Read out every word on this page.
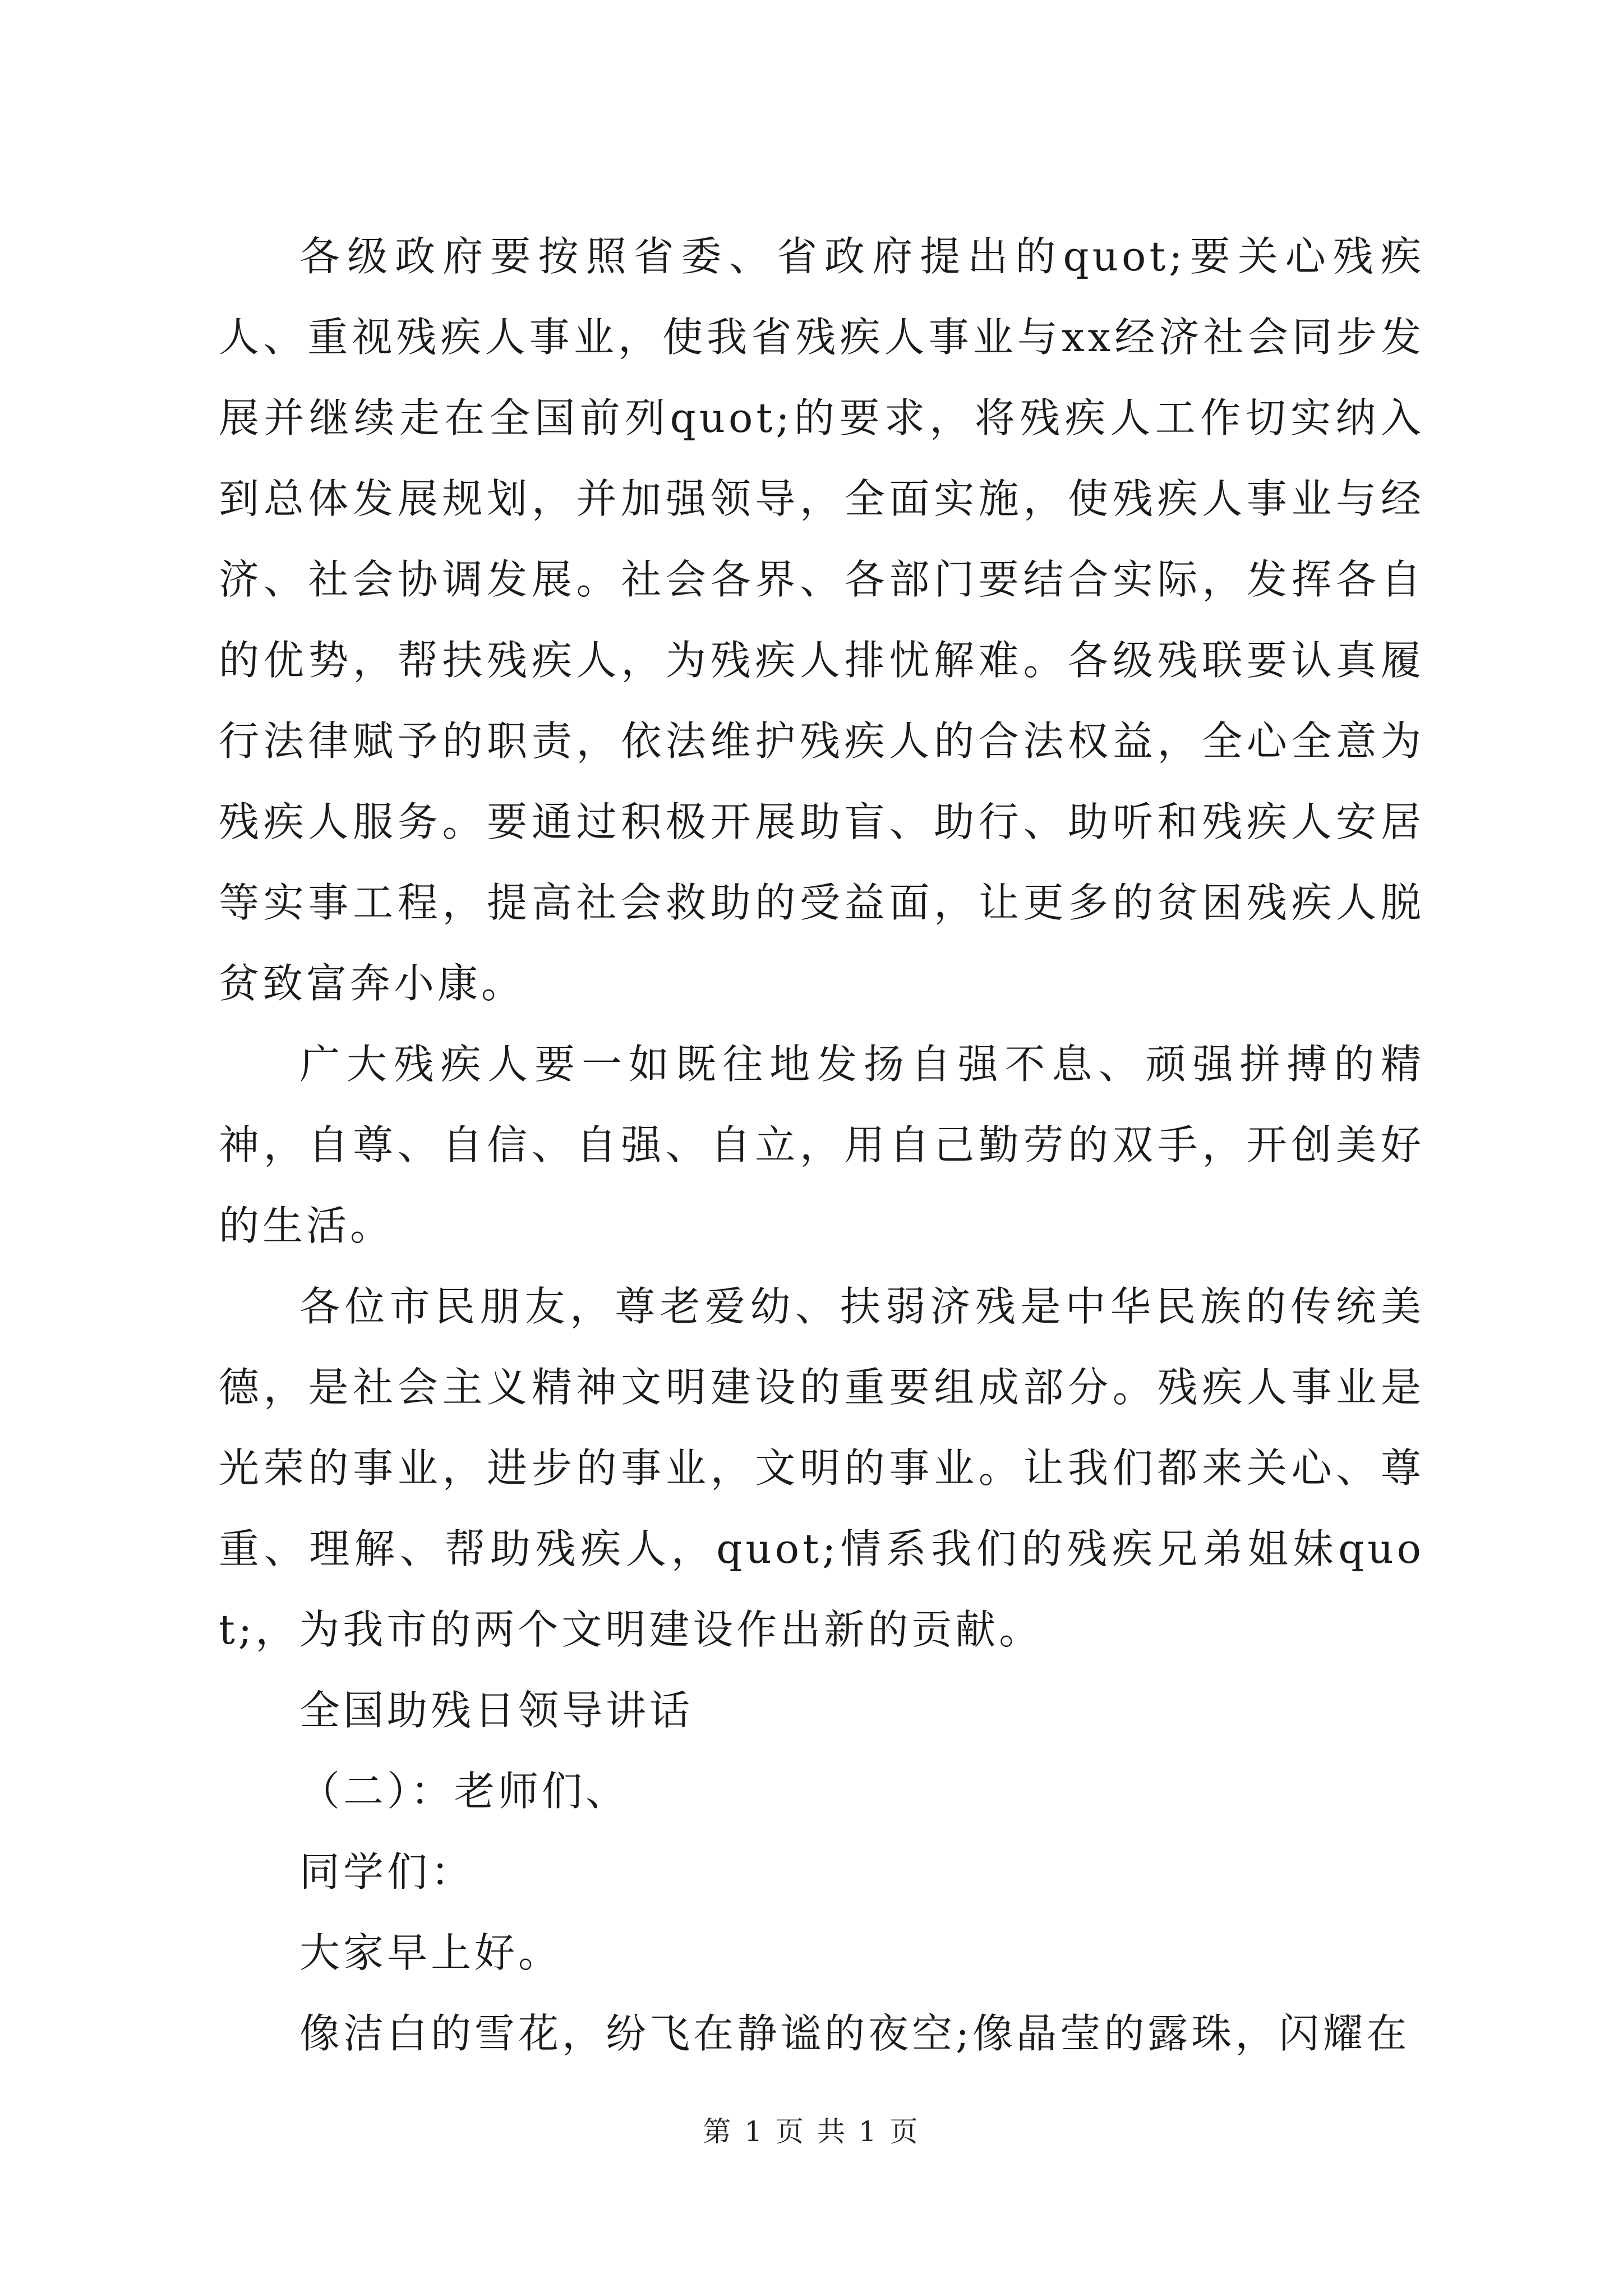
各级政府要按照省委、省政府提出的quot;要关心残疾人、重视残疾人事业，使我省残疾人事业与xx经济社会同步发展并继续走在全国前列quot;的要求，将残疾人工作切实纳入到总体发展规划，并加强领导，全面实施，使残疾人事业与经济、社会协调发展。社会各界、各部门要结合实际，发挥各自的优势，帮扶残疾人，为残疾人排忧解难。各级残联要认真履行法律赋予的职责，依法维护残疾人的合法权益，全心全意为残疾人服务。要通过积极开展助盲、助行、助听和残疾人安居等实事工程，提高社会救助的受益面，让更多的贫困残疾人脱贫致富奔小康。

广大残疾人要一如既往地发扬自强不息、顽强拼搏的精神，自尊、自信、自强、自立，用自己勤劳的双手，开创美好的生活。

各位市民朋友，尊老爱幼、扶弱济残是中华民族的传统美德，是社会主义精神文明建设的重要组成部分。残疾人事业是光荣的事业，进步的事业，文明的事业。让我们都来关心、尊重、理解、帮助残疾人，quot;情系我们的残疾兄弟姐妹quot;，为我市的两个文明建设作出新的贡献。

全国助残日领导讲话

（二）：老师们、

同学们：

大家早上好。

像洁白的雪花，纷飞在静谧的夜空;像晶莹的露珠，闪耀在

第 1 页 共 1 页
